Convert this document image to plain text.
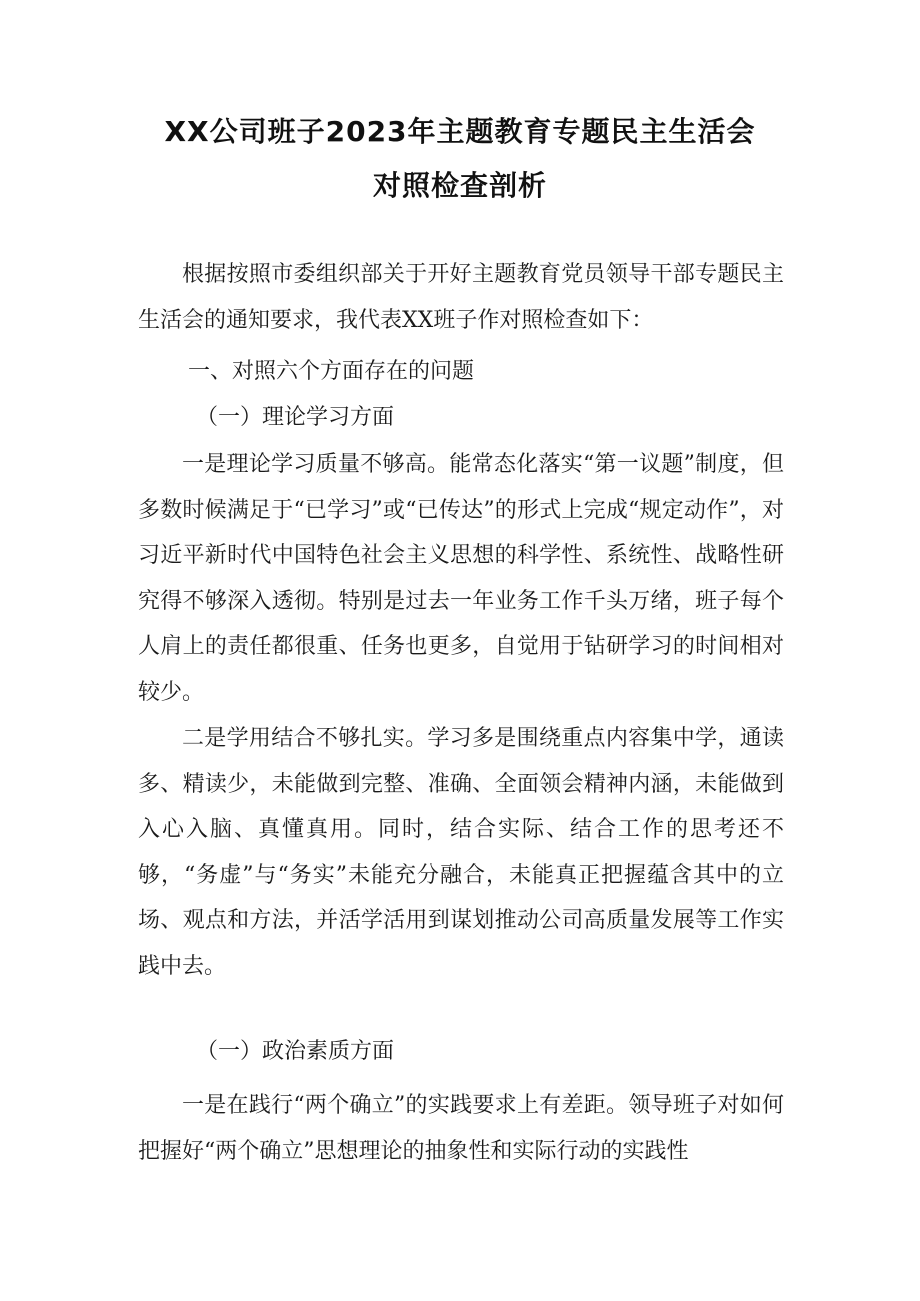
XX公司班子2023年主题教育专题民主生活会
对照检查剖析

根据按照市委组织部关于开好主题教育党员领导干部专题民主生活会的通知要求，我代表XX班子作对照检查如下：

一、对照六个方面存在的问题

（一）理论学习方面

一是理论学习质量不够高。能常态化落实“第一议题”制度，但多数时候满足于“已学习”或“已传达”的形式上完成“规定动作”，对习近平新时代中国特色社会主义思想的科学性、系统性、战略性研究得不够深入透彻。特别是过去一年业务工作千头万绪，班子每个人肩上的责任都很重、任务也更多，自觉用于钻研学习的时间相对较少。

二是学用结合不够扎实。学习多是围绕重点内容集中学，通读多、精读少，未能做到完整、准确、全面领会精神内涵，未能做到入心入脑、真懂真用。同时，结合实际、结合工作的思考还不够，“务虚”与“务实”未能充分融合，未能真正把握蕴含其中的立场、观点和方法，并活学活用到谋划推动公司高质量发展等工作实践中去。

（一）政治素质方面

一是在践行“两个确立”的实践要求上有差距。领导班子对如何把握好“两个确立”思想理论的抽象性和实际行动的实践性
